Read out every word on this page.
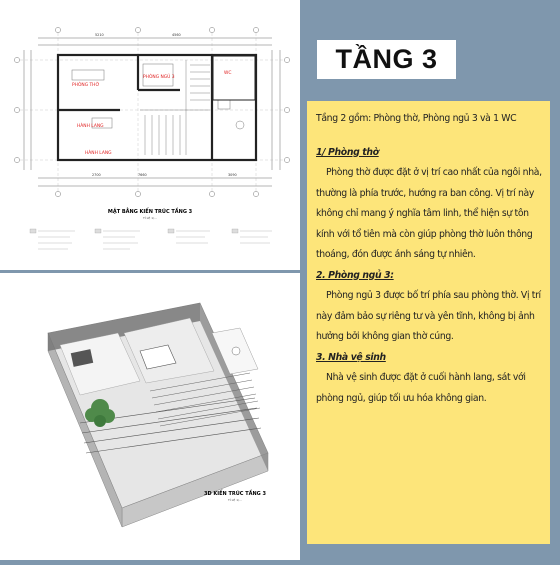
PHÒNG THỜ
PHÒNG NGỦ 3
WC
HÀNH LANG
HÀNH LANG
5210	4560
2700	7660	3090
MẶT BẰNG KIẾN TRÚC TẦNG 3
TỈ LỆ 1/...
3D KIẾN TRÚC TẦNG 3
TỈ LỆ 1/...
TẦNG 3

Tầng 2 gồm: Phòng thờ, Phòng ngủ 3 và 1 WC

1/ Phòng thờ

Phòng thờ được đặt ở vị trí cao nhất của ngôi nhà, thường là phía trước, hướng ra ban công. Vị trí này không chỉ mang ý nghĩa tâm linh, thể hiện sự tôn kính với tổ tiên mà còn giúp phòng thờ luôn thông thoáng, đón được ánh sáng tự nhiên.

2. Phòng ngủ 3:

Phòng ngủ 3 được bố trí phía sau phòng thờ. Vị trí này đảm bảo sự riêng tư và yên tĩnh, không bị ảnh hưởng bởi không gian thờ cúng.

3. Nhà vệ sinh

Nhà vệ sinh được đặt ở cuối hành lang, sát với phòng ngủ, giúp tối ưu hóa không gian.
